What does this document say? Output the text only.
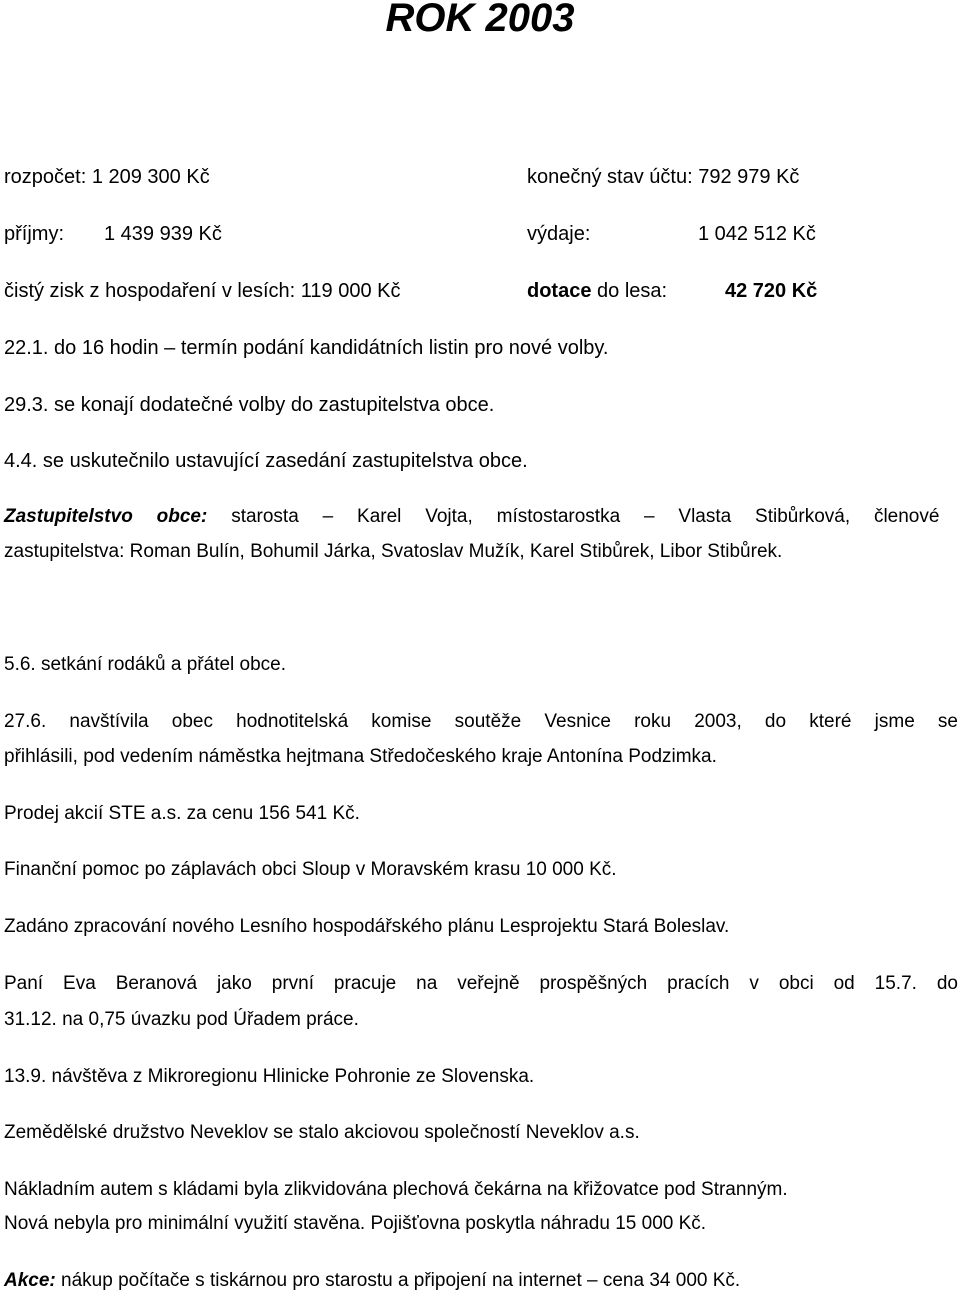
ROK 2003
rozpočet: 1 209 300 Kč	konečný stav účtu: 792 979 Kč
příjmy: 1 439 939 Kč	výdaje:	1 042 512 Kč
čistý zisk z hospodaření v lesích: 119 000 Kč	dotace do lesa:	42 720 Kč
22.1. do 16 hodin – termín podání kandidátních listin pro nové volby.
29.3. se konají dodatečné volby do zastupitelstva obce.
4.4. se uskutečnilo ustavující zasedání zastupitelstva obce.
Zastupitelstvo obce: starosta – Karel Vojta, místostarostka – Vlasta Stibůrková, členové
zastupitelstva: Roman Bulín, Bohumil Járka, Svatoslav Mužík, Karel Stibůrek, Libor Stibůrek.
5.6. setkání rodáků a přátel obce.
27.6. navštívila obec hodnotitelská komise soutěže Vesnice roku 2003, do které jsme se
přihlásili, pod vedením náměstka hejtmana Středočeského kraje Antonína Podzimka.
Prodej akcií STE a.s. za cenu 156 541 Kč.
Finanční pomoc po záplavách obci Sloup v Moravském krasu 10 000 Kč.
Zadáno zpracování nového Lesního hospodářského plánu Lesprojektu Stará Boleslav.
Paní Eva Beranová jako první pracuje na veřejně prospěšných pracích v obci od 15.7. do
31.12. na 0,75 úvazku pod Úřadem práce.
13.9. návštěva z Mikroregionu Hlinicke Pohronie ze Slovenska.
Zemědělské družstvo Neveklov se stalo akciovou společností Neveklov a.s.
Nákladním autem s kládami byla zlikvidována plechová čekárna na křižovatce pod Stranným.
Nová nebyla pro minimální využití stavěna. Pojišťovna poskytla náhradu 15 000 Kč.
Akce: nákup počítače s tiskárnou pro starostu a připojení na internet – cena 34 000 Kč.
